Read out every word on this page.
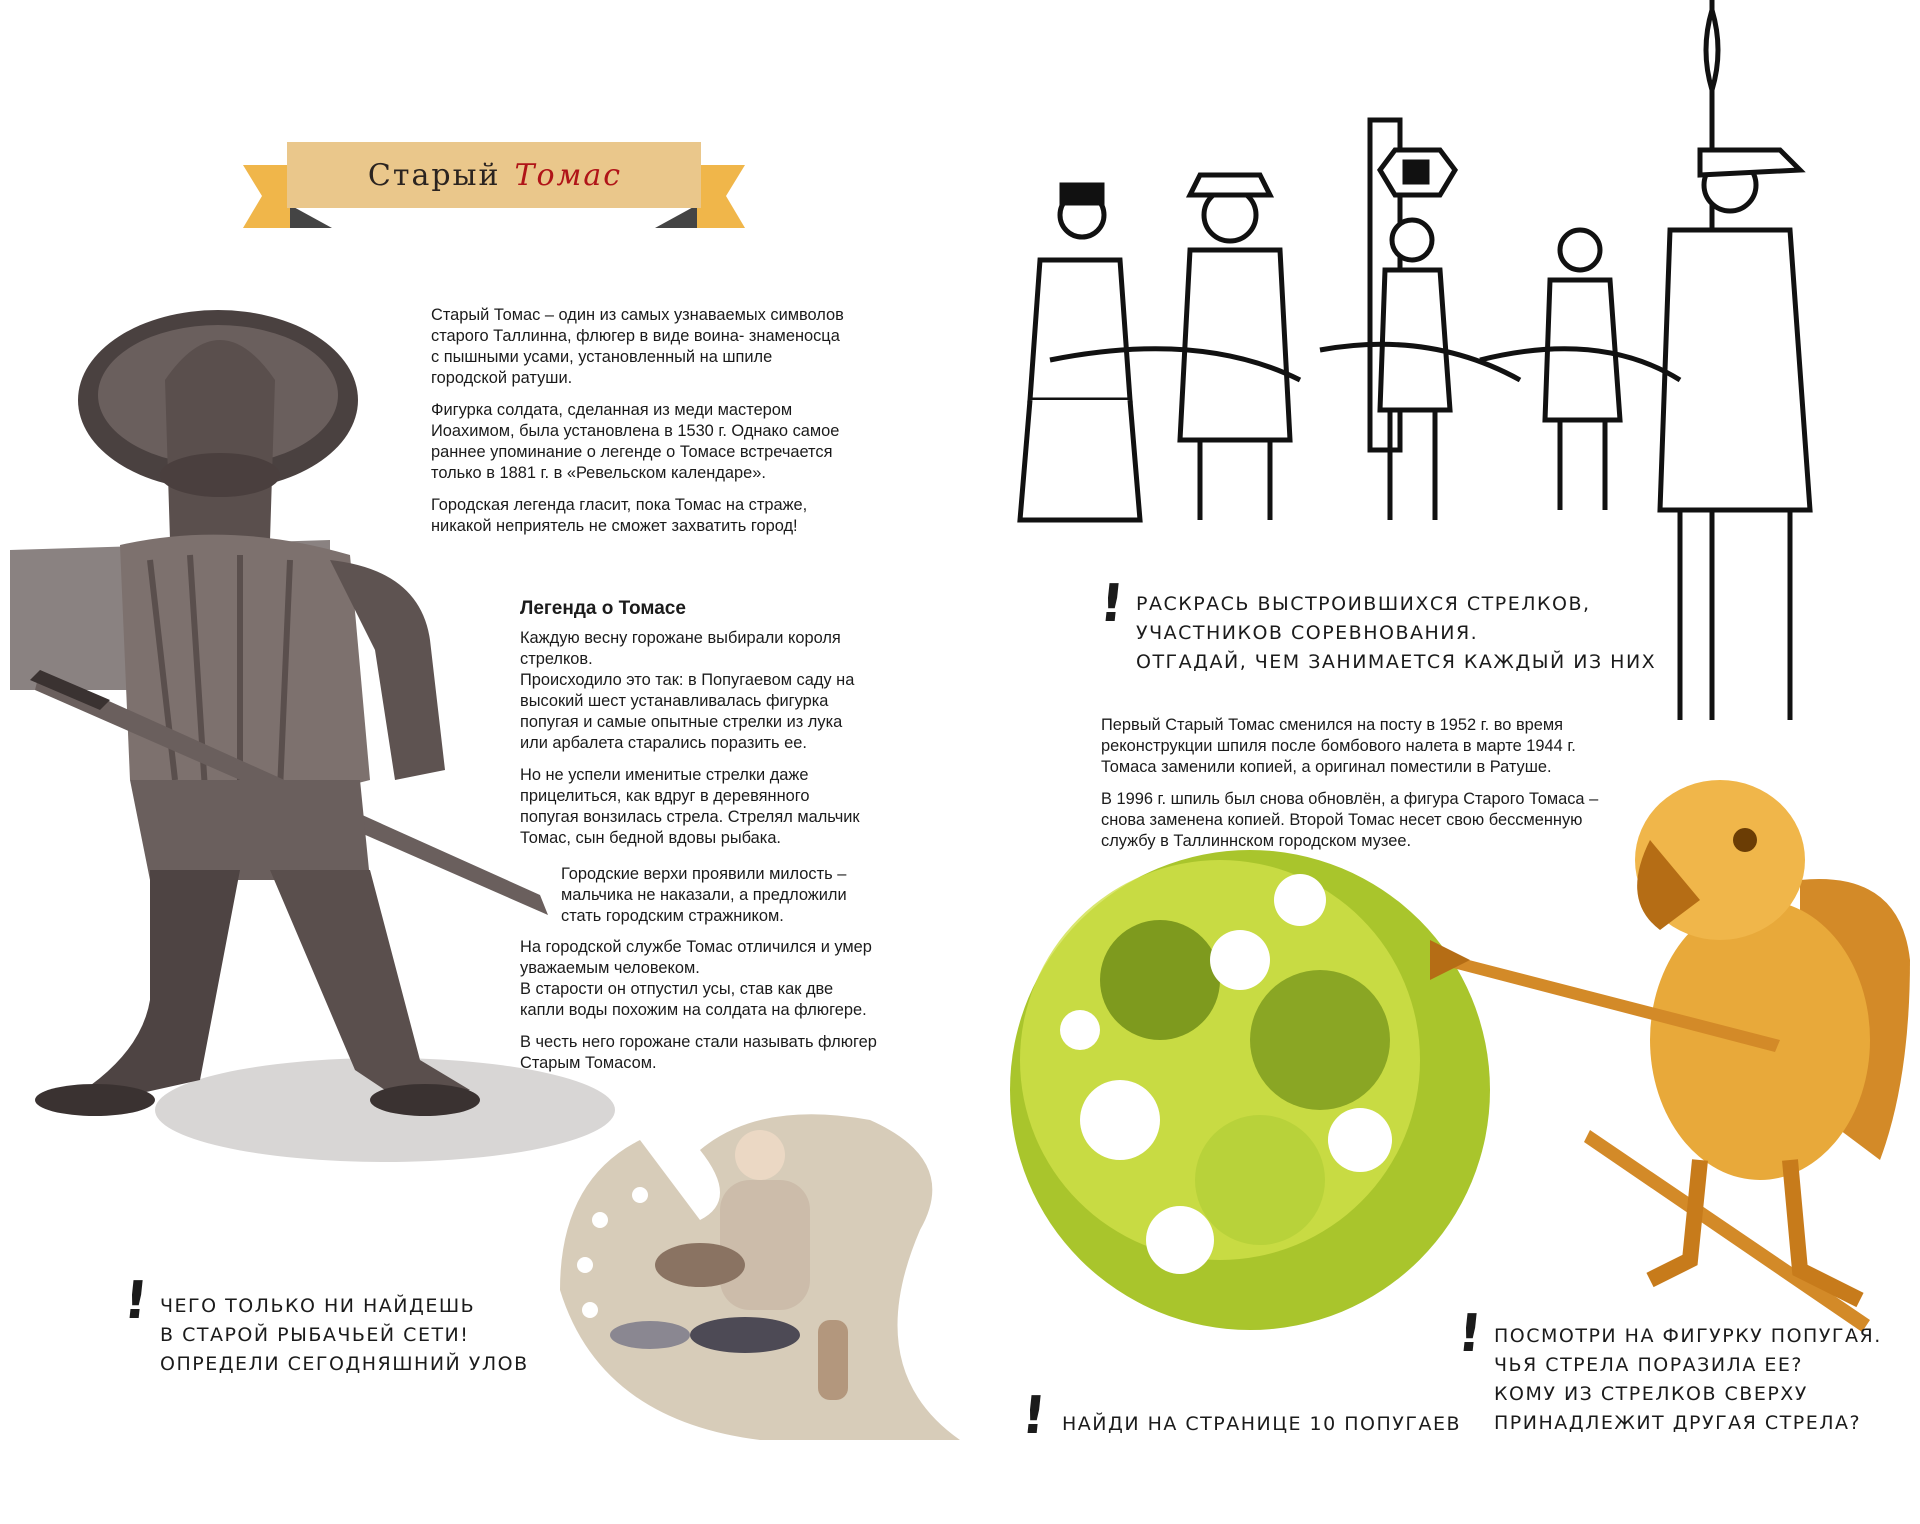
Старый Томас

Старый Томас – один из самых узнаваемых символов старого Таллинна, флюгер в виде воина- знаменосца с пышными усами, установленный на шпиле городской ратуши.

Фигурка солдата, сделанная из меди мастером Иоахимом, была установлена в 1530 г. Однако самое раннее упоминание о легенде о Томасе встречается только в 1881 г. в «Ревельском календаре».

Городская легенда гласит, пока Томас на страже, никакой неприятель не сможет захватить город!

Легенда о Томасе

Каждую весну горожане выбирали короля стрелков.

Происходило это так: в Попугаевом саду на высокий шест устанавливалась фигурка попугая и самые опытные стрелки из лука или арбалета старались поразить ее.

Но не успели именитые стрелки даже прицелиться, как вдруг в деревянного попугая вонзилась стрела. Стрелял мальчик Томас, сын бедной вдовы рыбака.

Городские верхи проявили милость – мальчика не наказали, а предложили стать городским стражником.

На городской службе Томас отличился и умер уважаемым человеком.

В старости он отпустил усы, став как две капли воды похожим на солдата на флюгере.

В честь него горожане стали называть флюгер Старым Томасом.

Первый Старый Томас сменился на посту в 1952 г. во время реконструкции шпиля после бомбового налета в марте 1944 г. Томаса заменили копией, а оригинал поместили в Ратуше.

В 1996 г. шпиль был снова обновлён, а фигура Старого Томаса – снова заменена копией. Второй Томас несет свою бессменную службу в Таллиннском городском музее.

! РАСКРАСЬ ВЫСТРОИВШИХСЯ СТРЕЛКОВ,
УЧАСТНИКОВ СОРЕВНОВАНИЯ.
ОТГАДАЙ, ЧЕМ ЗАНИМАЕТСЯ КАЖДЫЙ ИЗ НИХ
! ЧЕГО ТОЛЬКО НИ НАЙДЕШЬ
В СТАРОЙ РЫБАЧЬЕЙ СЕТИ!
ОПРЕДЕЛИ СЕГОДНЯШНИЙ УЛОВ
! НАЙДИ НА СТРАНИЦЕ 10 ПОПУГАЕВ
! ПОСМОТРИ НА ФИГУРКУ ПОПУГАЯ.
ЧЬЯ СТРЕЛА ПОРАЗИЛА ЕЕ?
КОМУ ИЗ СТРЕЛКОВ СВЕРХУ
ПРИНАДЛЕЖИТ ДРУГАЯ СТРЕЛА?
